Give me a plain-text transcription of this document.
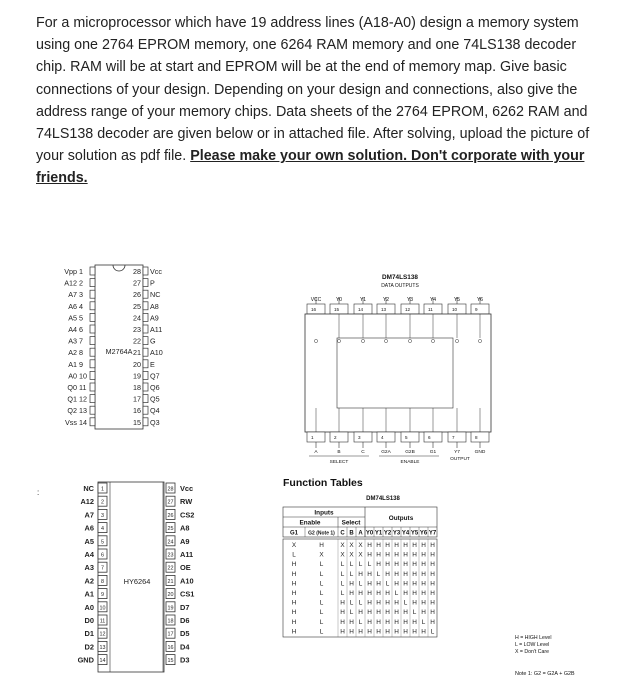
For a microprocessor which have 19 address lines (A18-A0) design a memory system using one 2764 EPROM memory, one 6264 RAM memory and one 74LS138 decoder chip. RAM will be at start and EPROM will be at the end of memory map. Give basic connections of your design. Depending on your design and connections, also give the address range of your memory chips. Data sheets of the 2764 EPROM, 6262 RAM and 74LS138 decoder are given below or in attached file. After solving, upload the picture of your solution as pdf file. Please make your own solution. Don't corporate with your friends.
Vpp 1
A12 2
A7 3
A6 4
A5 5
A4 6
A3 7
A2 8
A1 9
A0 10
Q0 11
Q1 12
Q2 13
Vss 14
28 Vcc
27 P
26 NC
25 A8
24 A9
23 A11
22 G
21 A10
20 E
19 Q7
18 Q6
17 Q5
16 Q4
15 Q3
M2764A
DM74LS138
DATA OUTPUTS
VCC	Y0	Y1	Y2	Y3	Y4	Y5	Y6
16	15	14	13	12	11	10	9
1	2	3	4	5	6	7	8
A	B	C	G2A	G2B	G1	Y7	GND
SELECT	ENABLE
OUTPUT
NC 1
A12 2
A7 3
A6 4
A5 5
A4 6
A3 7
A2 8
A1 9
A0 10
D0 11
D1 12
D2 13
GND 14
28 Vcc
27 RW
26 CS2
25 A8
24 A9
23 A11
22 OE
21 A10
20 CS1
19 D7
18 D6
17 D5
16 D4
15 D3
HY6264
:
Function Tables
DM74LS138
Inputs
Enable	Select
Outputs
G1 G2 (Note 1) C B A Y0 Y1 Y2 Y3 Y4 Y5 Y6 Y7
X	H	X X X H H H H H H H H
L	X	X X X H H H H H H H H
H	L	L L L L H H H H H H H
H	L	L L H H L H H H H H H
H	L	L H L H H L H H H H H
H	L	L H H H H H L H H H H
H	L	H L L H H H H L H H H
H	L	H L H H H H H H L H H
H	L	H H L H H H H H H L H
H	L	H H H H H H H H H H L
H = HIGH Level
L = LOW Level
X = Don't Care
Note 1: G2 = G2A + G2B
